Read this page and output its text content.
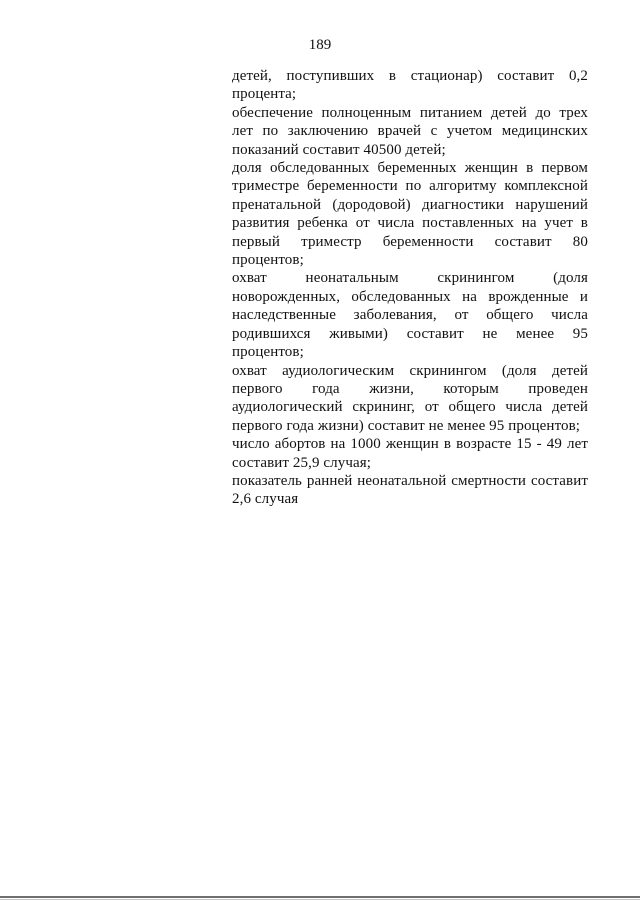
189

детей, поступивших в стационар) составит 0,2 процента;

обеспечение полноценным питанием детей до трех лет по заключению врачей с учетом медицинских показаний составит 40500 детей;

доля обследованных беременных женщин в первом триместре беременности по алгоритму комплексной пренатальной (дородовой) диагностики нарушений развития ребенка от числа поставленных на учет в первый триместр беременности составит 80 процентов;

охват неонатальным скринингом (доля новорожденных, обследованных на врожденные и наследственные заболевания, от общего числа родившихся живыми) составит не менее 95 процентов;

охват аудиологическим скринингом (доля детей первого года жизни, которым проведен аудиологический скрининг, от общего числа детей первого года жизни) составит не менее 95 процентов;

число абортов на 1000 женщин в возрасте 15 - 49 лет составит 25,9 случая;

показатель ранней неонатальной смертности составит 2,6 случая
